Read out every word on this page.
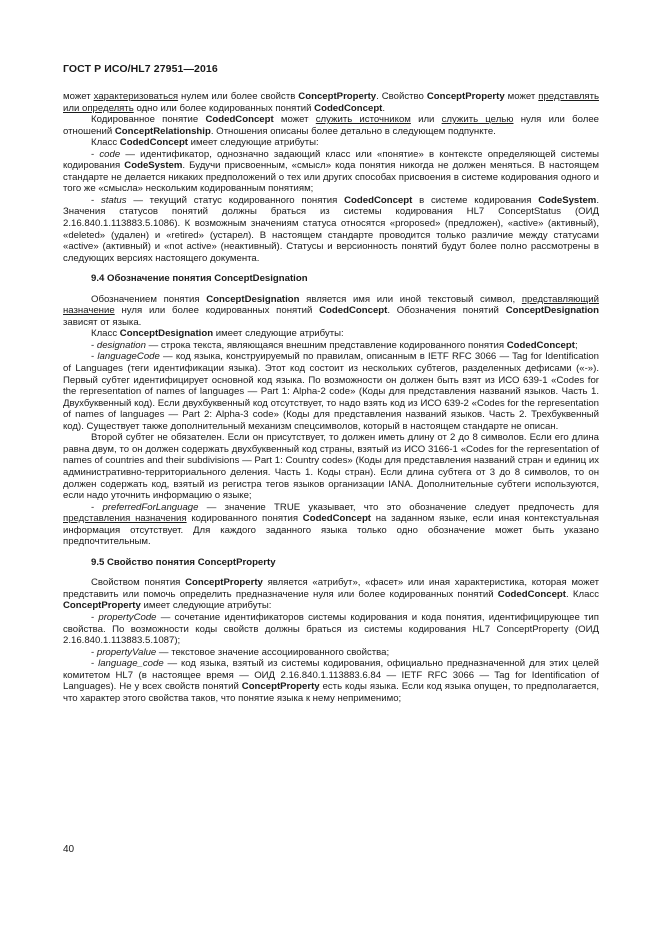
ГОСТ Р ИСО/HL7 27951—2016

может характеризоваться нулем или более свойств ConceptProperty. Свойство ConceptProperty может представлять или определять одно или более кодированных понятий CodedConcept.

Кодированное понятие CodedConcept может служить источником или служить целью нуля или более отношений ConceptRelationship. Отношения описаны более детально в следующем подпункте.

Класс CodedConcept имеет следующие атрибуты:

- code — идентификатор, однозначно задающий класс или «понятие» в контексте определяющей системы кодирования CodeSystem. Будучи присвоенным, «смысл» кода понятия никогда не должен меняться. В настоящем стандарте не делается никаких предположений о тех или других способах присвоения в системе кодирования одного и того же «смысла» нескольким кодированным понятиям;

- status — текущий статус кодированного понятия CodedConcept в системе кодирования CodeSystem. Значения статусов понятий должны браться из системы кодирования HL7 ConceptStatus (ОИД 2.16.840.1.113883.5.1086). К возможным значениям статуса относятся «proposed» (предложен), «active» (активный), «deleted» (удален) и «retired» (устарел). В настоящем стандарте проводится только различие между статусами «active» (активный) и «not active» (неактивный). Статусы и версионность понятий будут более полно рассмотрены в следующих версиях настоящего документа.

9.4 Обозначение понятия ConceptDesignation

Обозначением понятия ConceptDesignation является имя или иной текстовый символ, представляющий назначение нуля или более кодированных понятий CodedConcept. Обозначения понятий ConceptDesignation зависят от языка.

Класс ConceptDesignation имеет следующие атрибуты:

- designation — строка текста, являющаяся внешним представление кодированного понятия CodedConcept;

- languageCode — код языка, конструируемый по правилам, описанным в IETF RFC 3066 — Tag for Identification of Languages (теги идентификации языка). Этот код состоит из нескольких субтегов, разделенных дефисами («-»). Первый субтег идентифицирует основной код языка. По возможности он должен быть взят из ИСО 639-1 «Codes for the representation of names of languages — Part 1: Alpha-2 code» (Коды для представления названий языков. Часть 1. Двухбуквенный код). Если двухбуквенный код отсутствует, то надо взять код из ИСО 639-2 «Codes for the representation of names of languages — Part 2: Alpha-3 code» (Коды для представления названий языков. Часть 2. Трехбуквенный код). Существует также дополнительный механизм спецсимволов, который в настоящем стандарте не описан.

Второй субтег не обязателен. Если он присутствует, то должен иметь длину от 2 до 8 символов. Если его длина равна двум, то он должен содержать двухбуквенный код страны, взятый из ИСО 3166-1 «Codes for the representation of names of countries and their subdivisions — Part 1: Country codes» (Коды для представления названий стран и единиц их административно-территориального деления. Часть 1. Коды стран). Если длина субтега от 3 до 8 символов, то он должен содержать код, взятый из регистра тегов языков организации IANA. Дополнительные субтеги используются, если надо уточнить информацию о языке;

- preferredForLanguage — значение TRUE указывает, что это обозначение следует предпочесть для представления назначения кодированного понятия CodedConcept на заданном языке, если иная контекстуальная информация отсутствует. Для каждого заданного языка только одно обозначение может быть указано предпочтительным.

9.5 Свойство понятия ConceptProperty

Свойством понятия ConceptProperty является «атрибут», «фасет» или иная характеристика, которая может представить или помочь определить предназначение нуля или более кодированных понятий CodedConcept. Класс ConceptProperty имеет следующие атрибуты:

- propertyCode — сочетание идентификаторов системы кодирования и кода понятия, идентифицирующее тип свойства. По возможности коды свойств должны браться из системы кодирования HL7 ConceptProperty (ОИД 2.16.840.1.113883.5.1087);

- propertyValue — текстовое значение ассоциированного свойства;

- language_code — код языка, взятый из системы кодирования, официально предназначенной для этих целей комитетом HL7 (в настоящее время — ОИД 2.16.840.1.113883.6.84 — IETF RFC 3066 — Tag for Identification of Languages). Не у всех свойств понятий ConceptProperty есть коды языка. Если код языка опущен, то предполагается, что характер этого свойства таков, что понятие языка к нему неприменимо;

40
